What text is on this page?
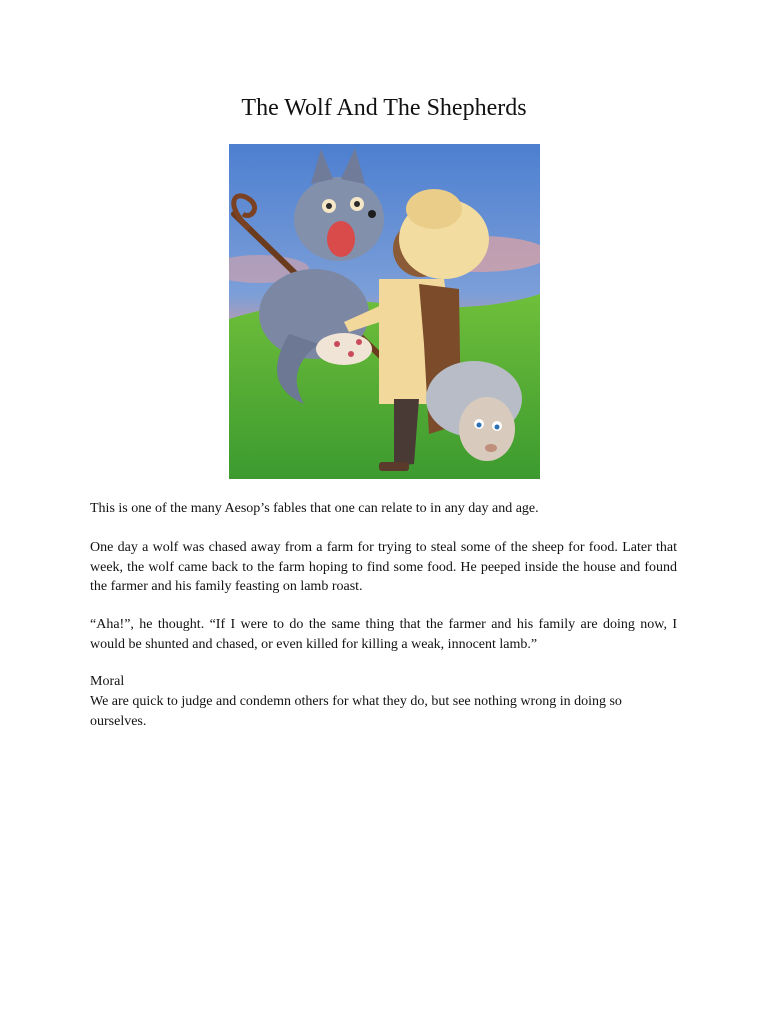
The Wolf And The Shepherds

This is one of the many Aesop’s fables that one can relate to in any day and age.

One day a wolf was chased away from a farm for trying to steal some of the sheep for food. Later that week, the wolf came back to the farm hoping to find some food. He peeped inside the house and found the farmer and his family feasting on lamb roast.

“Aha!”, he thought. “If I were to do the same thing that the farmer and his family are doing now, I would be shunted and chased, or even killed for killing a weak, innocent lamb.”

Moral

We are quick to judge and condemn others for what they do, but see nothing wrong in doing so ourselves.
